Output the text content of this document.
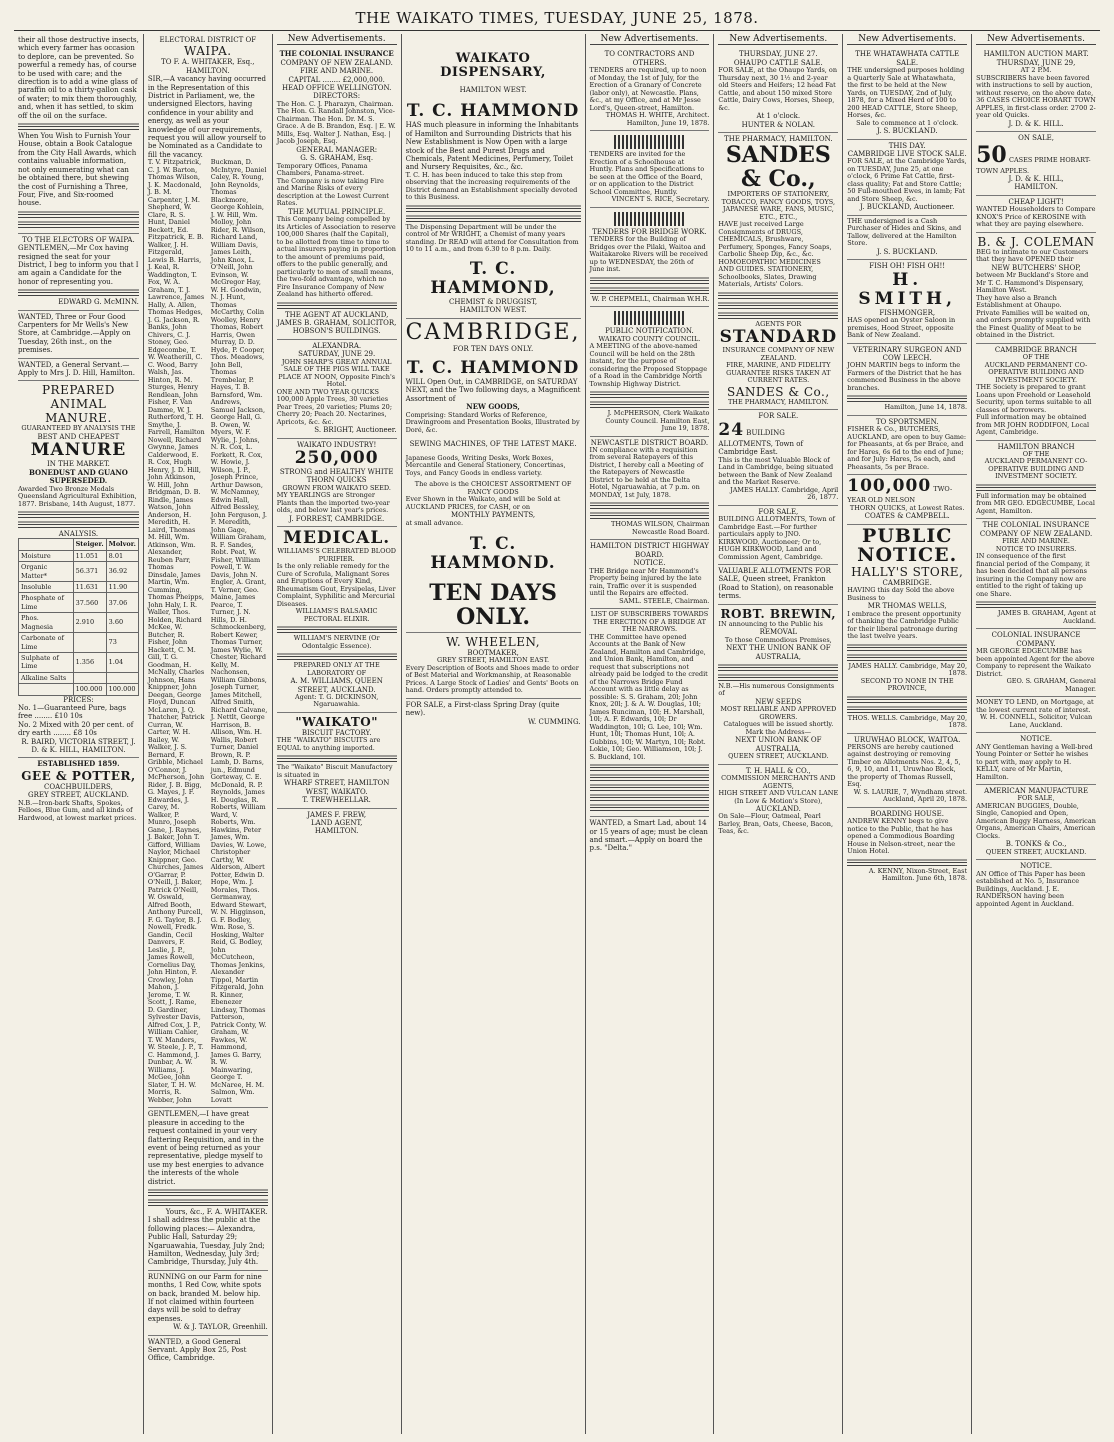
THE WAIKATO TIMES, TUESDAY, JUNE 25, 1878.
their all those destructive insects, which every farmer has occasion to deplore, can be prevented. So powerful a remedy has, of course to be used with care; and the direction is to add a wine glass of paraffin oil to a thirty-gallon cask of water; to mix them thoroughly, and, when it has settled, to skim off the oil on the surface.
When You Wish to Furnish Your House, obtain a Book Catalogue from the City Hall Awards, which contains valuable information, not only enumerating what can be obtained there, but shewing the cost of Furnishing a Three, Four, Five, and Six-roomed house.
TO THE ELECTORS OF WAIPA.
GENTLEMEN,—Mr Cox having resigned the seat for your District, I beg to inform you that I am again a Candidate for the honor of representing you.
EDWARD G. McMINN.
WANTED, Three or Four Good Carpenters for Mr Wells's New Store, at Cambridge.—Apply on Tuesday, 26th inst., on the premises.
WANTED, a General Servant.—Apply to Mrs J. D. Hill, Hamilton.
PREPARED ANIMAL
MANURE.
GUARANTEED BY ANALYSIS THE
BEST AND CHEAPEST
MANURE
IN THE MARKET.
BONEDUST AND GUANO SUPERSEDED.
Awarded Two Bronze Medals Queensland Agricultural Exhibition, 1877. Brisbane, 14th August, 1877.
ANALYSIS.
	Steiger.	Molvor.
Moisture	11.051	8.01
Organic Matter*	56.371	36.92
Insoluble	11.631	11.90
Phosphate of Lime	37.560	37.06
Phos. Magnesia	2.910	3.60
Carbonate of Lime		73
Sulphate of Lime	1.356	1.04
Alkaline Salts		
	100.000	100.000
PRICES:
No. 1—Guaranteed Pure, bags free ........ £10 10s
No. 2 Mixed with 20 per cent. of dry earth ........ £8 10s
R. BAIRD, VICTORIA STREET, J. D. & K. HILL, HAMILTON.
ESTABLISHED 1859.
GEE & POTTER,
COACHBUILDERS,
GREY STREET, AUCKLAND.
N.B.—Iron-bark Shafts, Spokes, Felloes, Blue Gum, and all kinds of Hardwood, at lowest market prices.
ELECTORAL DISTRICT OF
WAIPA.
TO F. A. WHITAKER, Esq., HAMILTON.
SIR,—A vacancy having occurred in the Representation of this District in Parliament, we, the undersigned Electors, having confidence in your ability and energy, as well as your knowledge of our requirements, request you will allow yourself to be Nominated as a Candidate to fill the vacancy.
T. V. Fitzpatrick, C. J. W. Barton, Thomas Wilson, J. K. Macdonald, J. B. M. Carpenter, J. M. Shepherd, W. Clare, R. S. Hunt, Daniel Beckett, Ed. Fitzpatrick, E. B. Walker, J. H. Fitzgerald, Lewis B. Harris, J. Keal, R. Waddington, T. Fox, W. A. Graham, T. J. Lawrence, James Hally, A. Allen, Thomas Hedges, J. G. Jackson, R. Banks, John Chivers, C. J. Stoney, Geo. Edgecombe, T. W. Weatherill, C. C. Wood, Barry Walsh, Jas. Hinton, R. M. Sturges, Henry Rendlean, John Fisher, F. Van Damme, W. J. Rutherford, T. H. Smythe, J. Farrell, Hamilton Nowell, Richard Gwynne, James Calderwood, E. R. Cox, Hugh Henry, J. D. Hill, John Atkinson, W. Hill, John Bridgman, D. B. Rindle, James Watson, John Anderson, H. Meredith, H. Laird, Thomas M. Hill, Wm. Atkinson, Wm. Alexander, Reuben Parr, Thomas Dinsdale, James Martin, Wm. Cumming, Thomas Pheipps, John Haly, I. R. Waller, Thos. Holden, Richard McKee, W. Butcher, R. Fisher, John Hackett, C. M. Gill, T. G. Goodman, H. McNally, Charles Johnson, Hans Knippner, John Deegan, George Floyd, Duncan McLaren, J. Q. Thatcher, Patrick Curran, W. Carter, W. H. Bailey, W. Walker, J. S. Bernard, F. Gribble, Michael O'Connor, J. McPherson, John Rider, J. B. Bigg, G. Mayes, J. F. Edwardes, J. Carey, M. Walker, P. Munro, Joseph Gane, J. Raynes, J. Baker, John T. Gifford, William Naylor, Michael Knippner, Geo. Churches, James O'Garrar, P. O'Neill, J. Baker, Patrick O'Neill, W. Oswald, Alfred Booth, Anthony Purcell, F. G. Taylor, B. J. Nowell, Fredk. Gandin, Cecil Danvers, F. Leslie, J. P., James Rowell, Cornelius Day, John Hinton, F. Crowley, John Mahon, J. Jerome, T. W. Scott, J. Rame, D. Gardiner, Sylvester Davis, Alfred Cox, J. P., William Cahier, T. W. Manders, W. Steele, J. P., T. C. Hammond, J. Dunbar, A. W. Williams, J. McGee, John Slater, T. H. W. Morris, R. Webber, John Buckman, D. McIntyre, Daniel Caley, R. Young, John Reynolds, Thomas Blackmore, George Kohlein, J. W. Hill, Wm. Molloy, John Rider, R. Wilson, Richard Land, William Davis, James Leith, John Knox, L. O'Neill, John Evinson, W. McGregor Hay, W. H. Goodwin, N. J. Hunt, Thomas McCarthy, Colin Woolley, Henry Thomas, Robert Harris, Owen Murray, D. D. Hyde, P. Cooper, Thos. Meadows, John Bell, Thomas Trembelar, P. Hayes, T. B. Barnsford, Wm. Andrews, Samuel Jackson, George Hall, G. B. Owen, W. Myers, W. F. Wylie, J. Johns, N. R. Cox, L. Forkett, R. Cox, W. Howie, J. Wilson, J. P., Joseph Prince, Arthur Dawson, W. McNamney, Edwin Hall, Alfred Bessley, John Ferguson, J. F. Meredith, John Gage, William Graham, R. F. Sandes, Robt. Peat, W. Fisher, William Powell, T. W. Davis, John N. Engler, A. Grant, T. Verner, Geo. Maine, James Pearce, T. Turner, J. N. Hills, D. H. Schmockenberg, Robert Kewer, Thomas Turner, James Wylie, W. Chester, Richard Kelly, M. Nachonsen, William Gibbons, Joseph Turner, James Mitchell, Alfred Smith, Richard Calvane, J. Nettlt, George Harrison, B. Allison, Wm. H. Wallis, Robert Turner, Daniel Brown, R. P. Lamb, D. Barns, jun., Edmund Gorteway, C. E. McDonald, R. P. Reynolds, James H. Douglas, R. Roberts, William Ward, V. Roberts, Wm. Hawkins, Peter James, Wm. Davies, W. Lowe, Christopher Carthy, W. Alderson, Albert Potter, Edwin D. Hope, Wm. J. Morales, Thos. Germanway, Edward Stewart, W. N. Higginson, G. F. Bodley, Wm. Rose, S. Hosking, Walter Reid, G. Bodley, John McCutcheon, Thomas Jenkins, Alexander Tippol, Martin Fitzgerald, John R. Kinner, Ebenezer Lindsay, Thomas Patterson, Patrick Conty, W. Graham, W. Fawkes, W. Hammond, James G. Barry, R. W. Mainwaring, George T. McNaree, H. M. Salmon, Wm. Lovatt
GENTLEMEN,—I have great pleasure in acceding to the request contained in your very flattering Requisition, and in the event of being returned as your representative, pledge myself to use my best energies to advance the interests of the whole district.
Yours, &c., F. A. WHITAKER.
I shall address the public at the following places:— Alexandra, Public Hall, Saturday 29; Ngaruawahia, Tuesday, July 2nd; Hamilton, Wednesday, July 3rd; Cambridge, Thursday, July 4th.
RUNNING on our Farm for nine months, 1 Red Cow, white spots on back, branded M. below hip. If not claimed within fourteen days will be sold to defray expenses.
W. & J. TAYLOR, Greenhill.
WANTED, a Good General Servant. Apply Box 25, Post Office, Cambridge.
New Advertisements.
THE COLONIAL INSURANCE
COMPANY OF NEW ZEALAND.
FIRE AND MARINE.
CAPITAL ........ £2,000,000.
HEAD OFFICE WELLINGTON.
DIRECTORS:
The Hon. C. J. Pharazyn, Chairman. The Hon. G. Randall Johnston, Vice-Chairman. The Hon. Dr. M. S. Grace. A de B. Brandon, Esq. | E. W. Mills, Esq. Walter J. Nathan, Esq. | Jacob Joseph, Esq.
GENERAL MANAGER:
G. S. GRAHAM, Esq.
Temporary Offices, Panama Chambers, Panama-street.
The Company is now taking Fire and Marine Risks of every description at the Lowest Current Rates.
THE MUTUAL PRINCIPLE.
This Company being compelled by its Articles of Association to reserve 100,000 Shares (half the Capital), to be allotted from time to time to actual insurers paying in proportion to the amount of premiums paid, offers to the public generally, and particularly to men of small means, the two-fold advantage, which no Fire Insurance Company of New Zealand has hitherto offered.
THE AGENT AT AUCKLAND,
JAMES B. GRAHAM, SOLICITOR, HOBSON'S BUILDINGS.
ALEXANDRA.
SATURDAY, JUNE 29.
JOHN SHARP'S GREAT ANNUAL SALE OF THE PIGS WILL TAKE PLACE AT NOON, Opposite Finch's Hotel.
ONE AND TWO YEAR QUICKS 100,000 Apple Trees, 30 varieties Pear Trees, 20 varieties; Plums 20; Cherry 20; Peach 20. Nectarines, Apricots, &c. &c.
S. BRIGHT, Auctioneer.
WAIKATO INDUSTRY!
250,000
STRONG and HEALTHY WHITE THORN QUICKS
GROWN FROM WAIKATO SEED.
MY YEARLINGS are Stronger Plants than the imported two-year olds, and below last year's prices.
J. FORREST, CAMBRIDGE.
MEDICAL.
WILLIAMS'S CELEBRATED BLOOD PURIFIER.
Is the only reliable remedy for the Cure of Scrofula, Malignant Sores and Eruptions of Every Kind, Rheumatism Gout, Erysipelas, Liver Complaint, Syphilitic and Mercurial Diseases.
WILLIAMS'S BALSAMIC PECTORAL ELIXIR.
WILLIAM'S NERVINE (Or Odontalgic Essence).
PREPARED ONLY AT THE LABORATORY OF
A. M. WILLIAMS, QUEEN STREET, AUCKLAND.
Agent: T. G. DICKINSON, Ngaruawahia.
"WAIKATO"
BISCUIT FACTORY.
THE "WAIKATO" BISCUITS are EQUAL to anything imported.
The "Waikato" Biscuit Manufactory is situated in
WHARF STREET, HAMILTON WEST, WAIKATO.
T. TREWHEELLAR.
JAMES F. FREW,
LAND AGENT,
HAMILTON.
WAIKATO DISPENSARY,
HAMILTON WEST.
T. C. HAMMOND
HAS much pleasure in informing the Inhabitants of Hamilton and Surrounding Districts that his New Establishment is Now Open with a large stock of the Best and Purest Drugs and Chemicals, Patent Medicines, Perfumery, Toilet and Nursery Requisites, &c., &c.
T. C. H. has been induced to take this step from observing that the increasing requirements of the District demand an Establishment specially devoted to this Business.
The Dispensing Department will be under the control of Mr WRIGHT, a Chemist of many years standing. Dr READ will attend for Consultation from 10 to 11 a.m., and from 6.30 to 8 p.m. Daily.
T. C. HAMMOND,
CHEMIST & DRUGGIST,
HAMILTON WEST.
CAMBRIDGE,
FOR TEN DAYS ONLY.
T. C. HAMMOND
WILL Open Out, in CAMBRIDGE, on SATURDAY NEXT, and the Two following days, a Magnificent Assortment of
NEW GOODS,
Comprising: Standard Works of Reference, Drawingroom and Presentation Books, Illustrated by Doré, &c.
SEWING MACHINES, OF THE LATEST MAKE.
Japanese Goods, Writing Desks, Work Boxes, Mercantile and General Stationery, Concertinas, Toys, and Fancy Goods in endless variety.
The above is the CHOICEST ASSORTMENT OF FANCY GOODS
Ever Shown in the Waikato, and will be Sold at AUCKLAND PRICES, for CASH, or on
MONTHLY PAYMENTS,
at small advance.
T. C. HAMMOND.
TEN DAYS
ONLY.
W. WHEELEN,
BOOTMAKER,
GREY STREET, HAMILTON EAST.
Every Description of Boots and Shoes made to order of Best Material and Workmanship, at Reasonable Prices. A Large Stock of Ladies' and Gents' Boots on hand. Orders promptly attended to.
FOR SALE, a First-class Spring Dray (quite new).
W. CUMMING.
New Advertisements.
TO CONTRACTORS AND OTHERS.
TENDERS are required, up to noon of Monday, the 1st of July, for the Erection of a Granary of Concrete (labor only), at Newcastle. Plans, &c., at my Office, and at Mr Jesse Lord's, Queen-street, Hamilton.
THOMAS H. WHITE, Architect. Hamilton, June 19, 1878.
TENDERS are invited for the Erection of a Schoolhouse at Huntly. Plans and Specifications to be seen at the Office of the Board, or on application to the District School Committee, Huntly.
VINCENT S. RICE, Secretary.
TENDERS FOR BRIDGE WORK.
TENDERS for the Building of Bridges over the Pilaki, Waitoa and Waitakaroke Rivers will be received up to WEDNESDAY, the 26th of June inst.
W. P. CHEPMELL, Chairman W.H.R.
PUBLIC NOTIFICATION.
WAIKATO COUNTY COUNCIL.
A MEETING of the above-named Council will be held on the 28th instant, for the purpose of considering the Proposed Stoppage of a Road in the Cambridge North Township Highway District.
J. McPHERSON, Clerk Waikato County Council. Hamilton East, June 19, 1878.
NEWCASTLE DISTRICT BOARD.
IN compliance with a requisition from several Ratepayers of this District, I hereby call a Meeting of the Ratepayers of Newcastle District to be held at the Delta Hotel, Ngaruawahia, at 7 p.m. on MONDAY, 1st July, 1878.
THOMAS WILSON, Chairman Newcastle Road Board.
HAMILTON DISTRICT HIGHWAY BOARD.
NOTICE.
THE Bridge near Mr Hammond's Property being injured by the late rain, Traffic over it is suspended until the Repairs are effected.
SAML. STEELE, Chairman.
LIST OF SUBSCRIBERS TOWARDS THE ERECTION OF A BRIDGE AT THE NARROWS.
THE Committee have opened Accounts at the Bank of New Zealand, Hamilton and Cambridge, and Union Bank, Hamilton, and request that subscriptions not already paid be lodged to the credit of the Narrows Bridge Fund Account with as little delay as possible: S. S. Graham, 20l; John Knox, 20l; J. & A. W. Douglas, 10l; James Runciman, 10l; H. Marshall, 10l; A. F. Edwards, 10l; Dr Waddington, 10l; G. Lee, 10l; Wm. Hunt, 10l; Thomas Hunt, 10l; A. Gubbins, 10l; W. Martyn, 10l; Robt. Lokie, 10l; Geo. Williamson, 10l; J. S. Buckland, 10l.
WANTED, a Smart Lad, about 14 or 15 years of age; must be clean and smart.—Apply on board the p.s. "Delta."
New Advertisements.
THURSDAY, JUNE 27.
OHAUPO CATTLE SALE.
FOR SALE, at the Ohaupo Yards, on Thursday next, 30 1½ and 2-year old Steers and Heifers; 12 head Fat Cattle, and about 150 mixed Store Cattle, Dairy Cows, Horses, Sheep, &c.
At 1 o'clock.
HUNTER & NOLAN.
THE PHARMACY, HAMILTON.
SANDES & Co.,
IMPORTERS OF STATIONERY, TOBACCO, FANCY GOODS, TOYS, JAPANESE WARE, FANS, MUSIC, ETC., ETC.,
HAVE just received Large Consignments of DRUGS, CHEMICALS, Brushware, Perfumery, Sponges, Fancy Soaps, Carbolic Sheep Dip, &c., &c. HOMOEOPATHIC MEDICINES AND GUIDES. STATIONERY, Schoolbooks, Slates, Drawing Materials, Artists' Colors.
AGENTS FOR
STANDARD
INSURANCE COMPANY OF NEW ZEALAND.
FIRE, MARINE, AND FIDELITY GUARANTEE RISKS TAKEN AT CURRENT RATES.
SANDES & Co.,
THE PHARMACY, HAMILTON.
FOR SALE.
24 BUILDING ALLOTMENTS, Town of Cambridge East.
This is the most Valuable Block of Land in Cambridge, being situated between the Bank of New Zealand and the Market Reserve.
JAMES HALLY. Cambridge, April 26, 1877.
FOR SALE,
BUILDING ALLOTMENTS, Town of Cambridge East.—For further particulars apply to JNO. KIRKWOOD, Auctioneer; Or to, HUGH KIRKWOOD, Land and Commission Agent, Cambridge.
VALUABLE ALLOTMENTS FOR SALE, Queen street, Frankton (Road to Station), on reasonable terms.
ROBT. BREWIN,
IN announcing to the Public his
REMOVAL
To those Commodious Premises,
NEXT THE UNION BANK OF AUSTRALIA,
N.B.—His numerous Consignments of
NEW SEEDS
MOST RELIABLE AND APPROVED GROWERS.
Catalogues will be issued shortly.
Mark the Address—
NEXT UNION BANK OF AUSTRALIA,
QUEEN STREET, AUCKLAND.
T. H. HALL & CO.,
COMMISSION MERCHANTS AND AGENTS,
HIGH STREET AND VULCAN LANE
(In Low & Motion's Store),
AUCKLAND.
On Sale—Flour, Oatmeal, Pearl Barley, Bran, Oats, Cheese, Bacon, Teas, &c.
New Advertisements.
THE WHATAWHATA CATTLE SALE.
THE undersigned purposes holding a Quarterly Sale at Whatawhata, the first to be held at the New Yards, on TUESDAY, 2nd of July, 1878, for a Mixed Herd of 100 to 200 HEAD CATTLE, Store Sheep, Horses, &c.
Sale to commence at 1 o'clock.
J. S. BUCKLAND.
THIS DAY.
CAMBRIDGE LIVE STOCK SALE.
FOR SALE, at the Cambridge Yards, on TUESDAY, June 25, at one o'clock, 6 Prime Fat Cattle, first-class quality; Fat and Store Cattle; 50 Full-mouthed Ewes, in lamb; Fat and Store Sheep, &c.
J. BUCKLAND, Auctioneer.
THE undersigned is a Cash Purchaser of Hides and Skins, and Tallow, delivered at the Hamilton Store.
J. S. BUCKLAND.
FISH OH! FISH OH!!
H. SMITH,
FISHMONGER,
HAS opened an Oyster Saloon in premises, Hood Street, opposite Bank of New Zealand.
VETERINARY SURGEON AND COW LEECH.
JOHN MARTIN begs to inform the Farmers of the District that he has commenced Business in the above branches.
Hamilton, June 14, 1878.
TO SPORTSMEN.
FISHER & Co., BUTCHERS, AUCKLAND, are open to buy Game: for Pheasants, at 6s per Brace, and for Hares, 6s 6d to the end of June; and for July: Hares, 5s each, and Pheasants, 5s per Brace.
100,000 TWO-YEAR OLD NELSON
THORN QUICKS, at Lowest Rates.
COATES & CAMPBELL.
PUBLIC NOTICE.
HALLY'S STORE,
CAMBRIDGE.
HAVING this day Sold the above Business to
MR THOMAS WELLS,
I embrace the present opportunity of thanking the Cambridge Public for their liberal patronage during the last twelve years.
JAMES HALLY. Cambridge, May 20, 1878.
SECOND TO NONE IN THE PROVINCE,
THOS. WELLS. Cambridge, May 20, 1878.
URUWHAO BLOCK, WAITOA.
PERSONS are hereby cautioned against destroying or removing Timber on Allotments Nos. 2, 4, 5, 6, 9, 10, and 11, Uruwhao Block, the property of Thomas Russell, Esq.
W. S. LAURIE, 7, Wyndham street. Auckland, April 20, 1878.
BOARDING HOUSE.
ANDREW KENNY begs to give notice to the Public, that he has opened a Commodious Boarding House in Nelson-street, near the Union Hotel.
A. KENNY, Nixon-Street, East Hamilton. June 6th, 1878.
New Advertisements.
HAMILTON AUCTION MART.
THURSDAY, JUNE 29,
AT 2 P.M.
SUBSCRIBERS have been favored with instructions to sell by auction, without reserve, on the above date, 36 CASES CHOICE HOBART TOWN APPLES, in first-class order. 2700 2-year old Quicks.
J. D. & K. HILL.
ON SALE,
50 CASES PRIME HOBART-TOWN APPLES.
J. D. & K. HILL,
HAMILTON.
CHEAP LIGHT!
WANTED Householders to Compare KNOX'S Price of KEROSINE with what they are paying elsewhere.
B. & J. COLEMAN
BEG to intimate to our Customers that they have OPENED their
NEW BUTCHERS' SHOP,
between Mr Buckland's Store and Mr T. C. Hammond's Dispensary, Hamilton West.
They have also a Branch Establishment at Ohaupo.
Private Families will be waited on, and orders promptly supplied with the Finest Quality of Meat to be obtained in the District.
CAMBRIDGE BRANCH
OF THE
AUCKLAND PERMANENT CO-OPERATIVE BUILDING AND INVESTMENT SOCIETY.
THE Society is prepared to grant Loans upon Freehold or Leasehold Security, upon terms suitable to all classes of borrowers.
Full information may be obtained from MR JOHN RODDIFON, Local Agent, Cambridge.
HAMILTON BRANCH
OF THE
AUCKLAND PERMANENT CO-OPERATIVE BUILDING AND INVESTMENT SOCIETY.
Full information may be obtained from MR GEO. EDGECUMBE, Local Agent, Hamilton.
THE COLONIAL INSURANCE COMPANY OF NEW ZEALAND.
FIRE AND MARINE.
NOTICE TO INSURERS.
IN consequence of the first financial period of the Company, it has been decided that all persons insuring in the Company now are entitled to the right of taking up one Share.
JAMES B. GRAHAM, Agent at Auckland.
COLONIAL INSURANCE COMPANY.
MR GEORGE EDGECUMBE has been appointed Agent for the above Company to represent the Waikato District.
GEO. S. GRAHAM, General Manager.
MONEY TO LEND, on Mortgage, at the lowest current rate of interest.
W. H. CONNELL, Solicitor, Vulcan Lane, Auckland.
NOTICE.
ANY Gentleman having a Well-bred Young Pointer or Setter he wishes to part with, may apply to H. KELLY, care of Mr Martin, Hamilton.
AMERICAN MANUFACTURE
FOR SALE,
AMERICAN BUGGIES, Double, Single, Canopied and Open, American Buggy Harness, American Organs, American Chairs, American Clocks.
B. TONKS & Co.,
QUEEN STREET, AUCKLAND.
NOTICE.
AN Office of This Paper has been established at No. 5, Insurance Buildings, Auckland. J. E. RANDERSON having been appointed Agent in Auckland.
